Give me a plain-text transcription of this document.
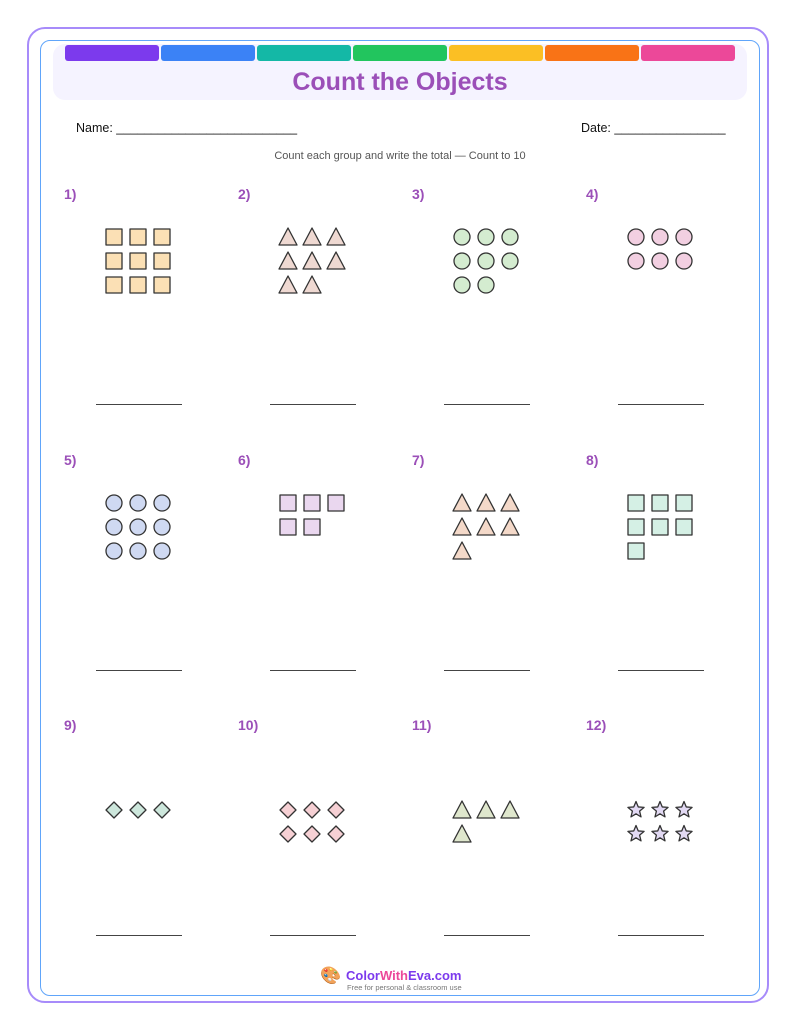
Count the Objects
Name: __________________________	Date: ________________
Count each group and write the total — Count to 10
1)	2)	3)	4)
5)	6)	7)	8)
9)	10)	11)	12)
🎨 ColorWithEva.com
Free for personal & classroom use
